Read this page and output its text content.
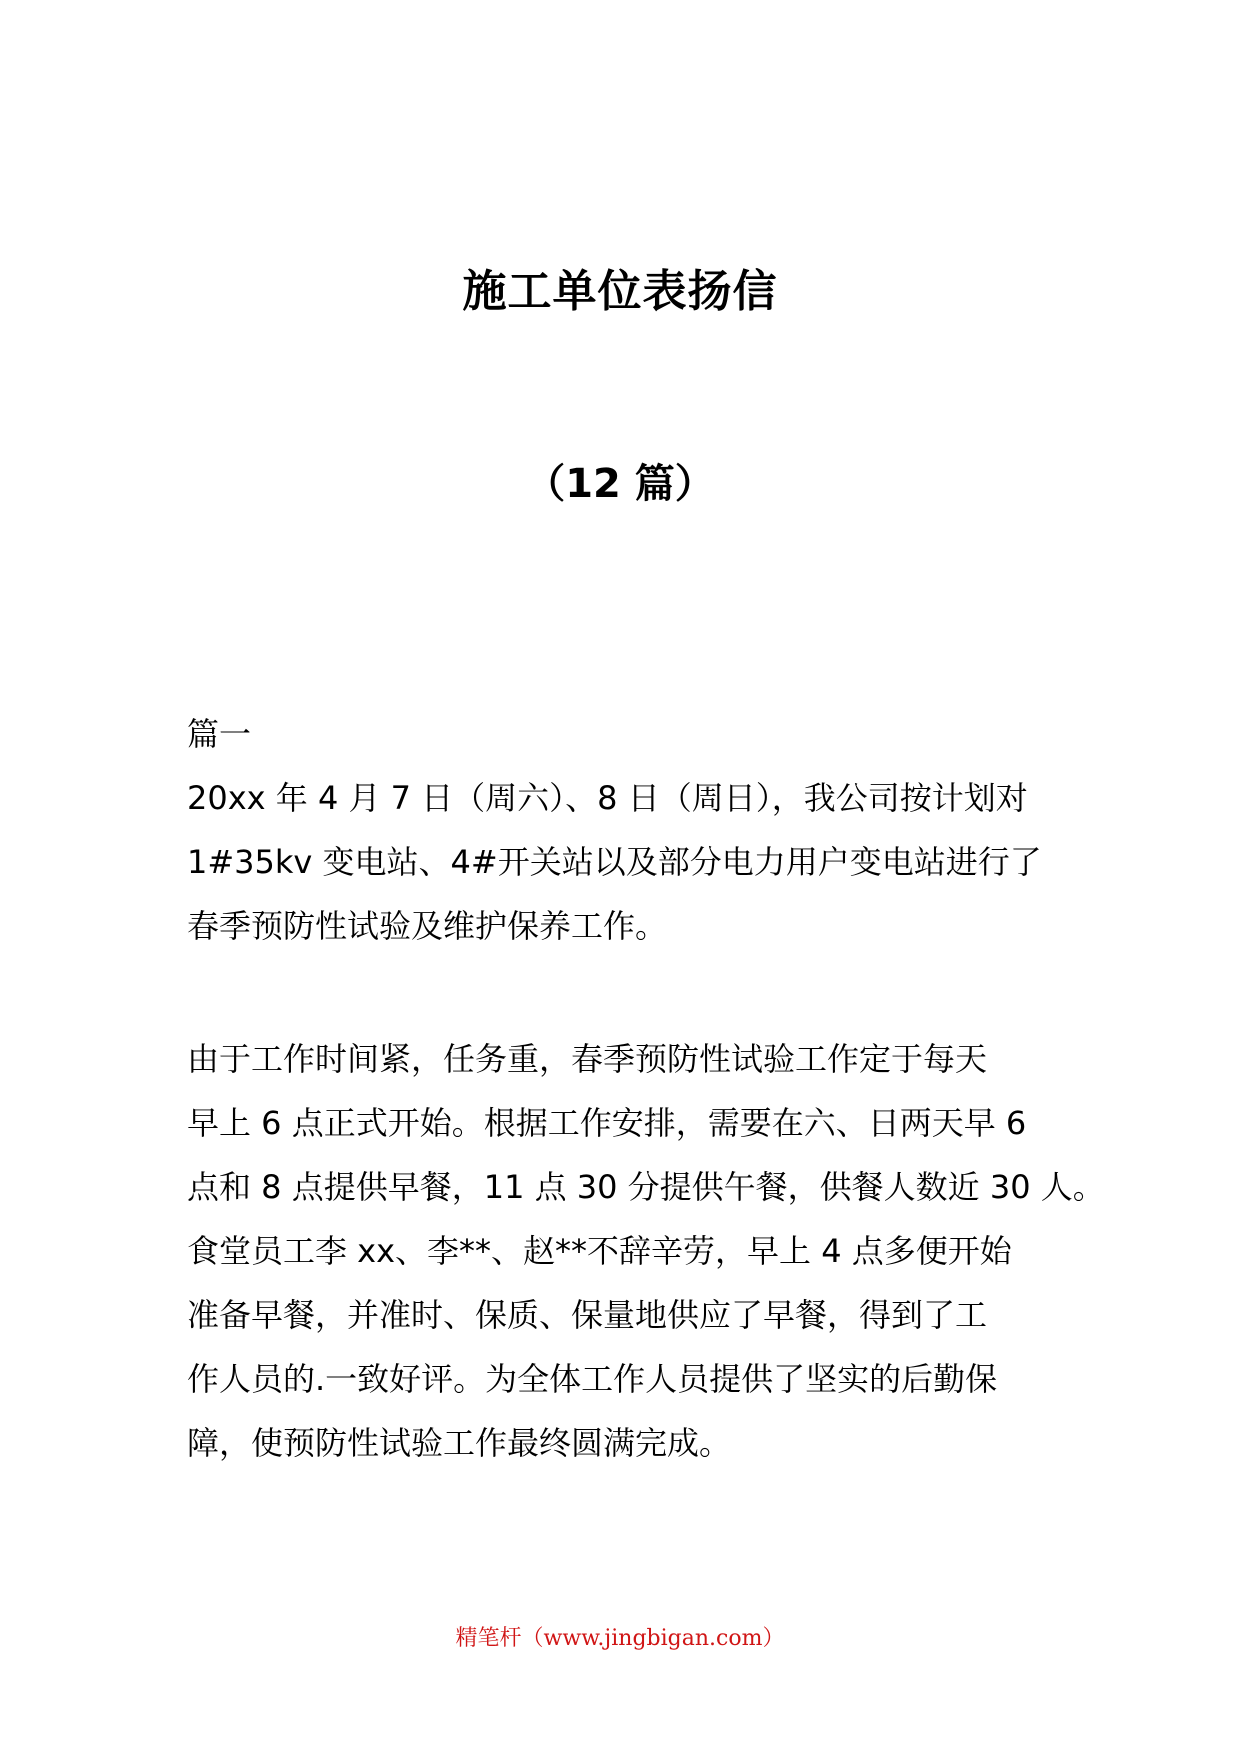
施工单位表扬信
（12 篇）
篇一
20xx 年 4 月 7 日（周六）、8 日（周日），我公司按计划对
1#35kv 变电站、4#开关站以及部分电力用户变电站进行了
春季预防性试验及维护保养工作。
由于工作时间紧，任务重，春季预防性试验工作定于每天
早上 6 点正式开始。根据工作安排，需要在六、日两天早 6
点和 8 点提供早餐，11 点 30 分提供午餐，供餐人数近 30 人。
食堂员工李 xx、李**、赵**不辞辛劳，早上 4 点多便开始
准备早餐，并准时、保质、保量地供应了早餐，得到了工
作人员的.一致好评。为全体工作人员提供了坚实的后勤保
障，使预防性试验工作最终圆满完成。
精笔杆（www.jingbigan.com）
